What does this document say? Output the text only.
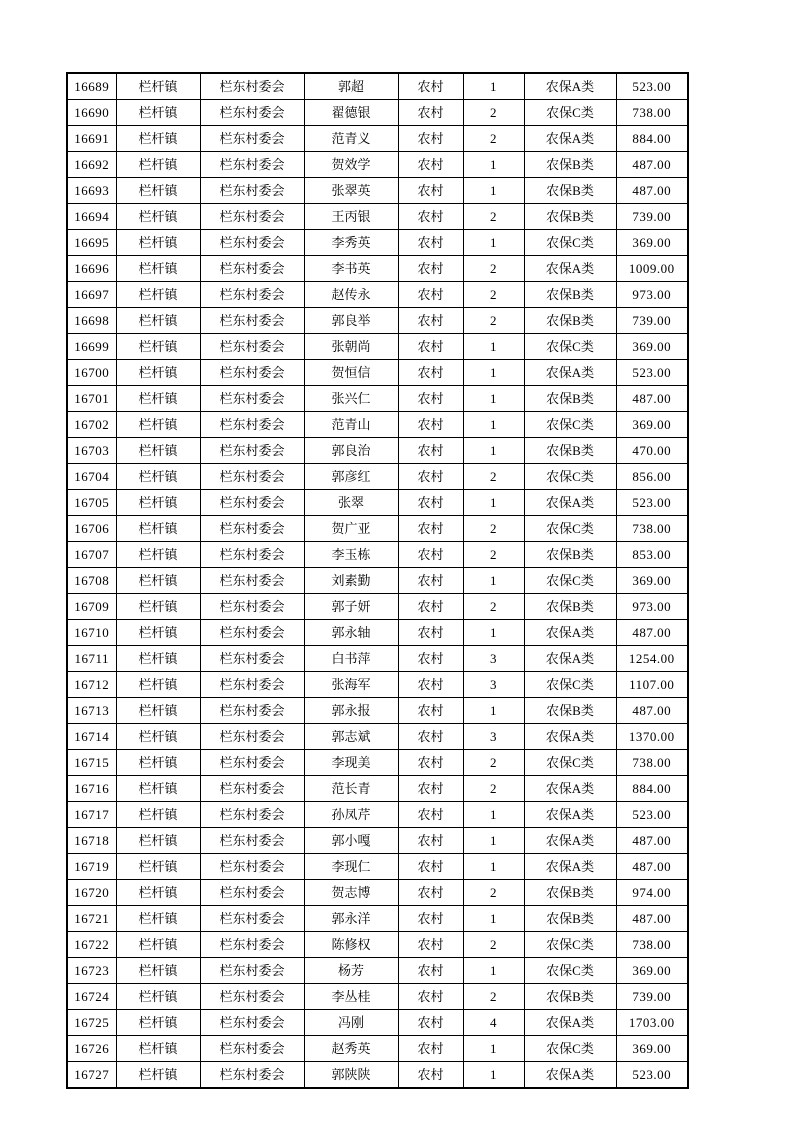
16689	栏杆镇	栏东村委会	郭超	农村	1	农保A类	523.00
16690	栏杆镇	栏东村委会	翟德银	农村	2	农保C类	738.00
16691	栏杆镇	栏东村委会	范青义	农村	2	农保A类	884.00
16692	栏杆镇	栏东村委会	贺效学	农村	1	农保B类	487.00
16693	栏杆镇	栏东村委会	张翠英	农村	1	农保B类	487.00
16694	栏杆镇	栏东村委会	王丙银	农村	2	农保B类	739.00
16695	栏杆镇	栏东村委会	李秀英	农村	1	农保C类	369.00
16696	栏杆镇	栏东村委会	李书英	农村	2	农保A类	1009.00
16697	栏杆镇	栏东村委会	赵传永	农村	2	农保B类	973.00
16698	栏杆镇	栏东村委会	郭良举	农村	2	农保B类	739.00
16699	栏杆镇	栏东村委会	张朝尚	农村	1	农保C类	369.00
16700	栏杆镇	栏东村委会	贺恒信	农村	1	农保A类	523.00
16701	栏杆镇	栏东村委会	张兴仁	农村	1	农保B类	487.00
16702	栏杆镇	栏东村委会	范青山	农村	1	农保C类	369.00
16703	栏杆镇	栏东村委会	郭良治	农村	1	农保B类	470.00
16704	栏杆镇	栏东村委会	郭彦红	农村	2	农保C类	856.00
16705	栏杆镇	栏东村委会	张翠	农村	1	农保A类	523.00
16706	栏杆镇	栏东村委会	贺广亚	农村	2	农保C类	738.00
16707	栏杆镇	栏东村委会	李玉栋	农村	2	农保B类	853.00
16708	栏杆镇	栏东村委会	刘素勤	农村	1	农保C类	369.00
16709	栏杆镇	栏东村委会	郭子妍	农村	2	农保B类	973.00
16710	栏杆镇	栏东村委会	郭永轴	农村	1	农保A类	487.00
16711	栏杆镇	栏东村委会	白书萍	农村	3	农保A类	1254.00
16712	栏杆镇	栏东村委会	张海军	农村	3	农保C类	1107.00
16713	栏杆镇	栏东村委会	郭永报	农村	1	农保B类	487.00
16714	栏杆镇	栏东村委会	郭志斌	农村	3	农保A类	1370.00
16715	栏杆镇	栏东村委会	李现美	农村	2	农保C类	738.00
16716	栏杆镇	栏东村委会	范长青	农村	2	农保A类	884.00
16717	栏杆镇	栏东村委会	孙凤芹	农村	1	农保A类	523.00
16718	栏杆镇	栏东村委会	郭小嘎	农村	1	农保A类	487.00
16719	栏杆镇	栏东村委会	李现仁	农村	1	农保A类	487.00
16720	栏杆镇	栏东村委会	贺志博	农村	2	农保B类	974.00
16721	栏杆镇	栏东村委会	郭永洋	农村	1	农保B类	487.00
16722	栏杆镇	栏东村委会	陈修权	农村	2	农保C类	738.00
16723	栏杆镇	栏东村委会	杨芳	农村	1	农保C类	369.00
16724	栏杆镇	栏东村委会	李丛桂	农村	2	农保B类	739.00
16725	栏杆镇	栏东村委会	冯刚	农村	4	农保A类	1703.00
16726	栏杆镇	栏东村委会	赵秀英	农村	1	农保C类	369.00
16727	栏杆镇	栏东村委会	郭陕陕	农村	1	农保A类	523.00
